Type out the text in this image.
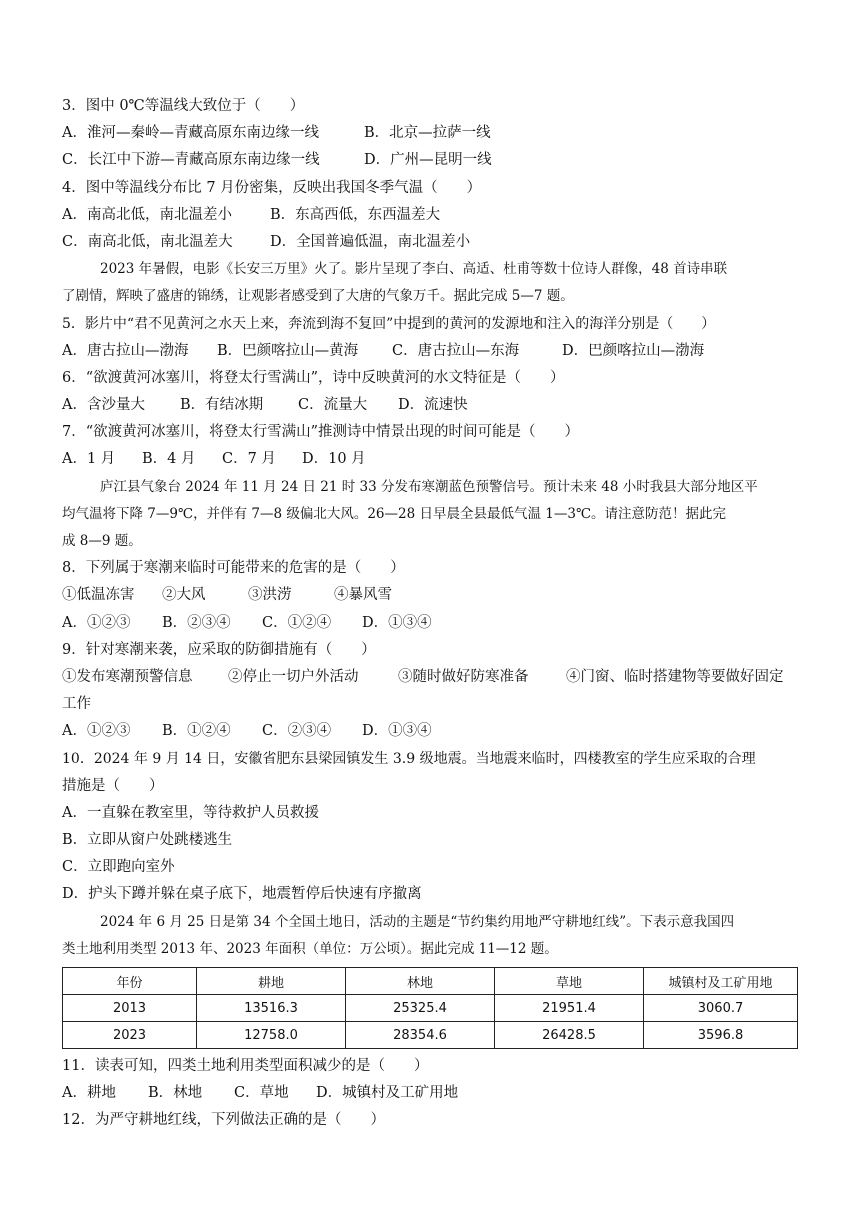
3．图中 0℃等温线大致位于（　　）
A．淮河—秦岭—青藏高原东南边缘一线	B．北京—拉萨一线
C．长江中下游—青藏高原东南边缘一线	D．广州—昆明一线
4．图中等温线分布比 7 月份密集，反映出我国冬季气温（　　）
A．南高北低，南北温差小	B．东高西低，东西温差大
C．南高北低，南北温差大	D．全国普遍低温，南北温差小
2023 年暑假，电影《长安三万里》火了。影片呈现了李白、高适、杜甫等数十位诗人群像，48 首诗串联
了剧情，辉映了盛唐的锦绣，让观影者感受到了大唐的气象万千。据此完成 5—7 题。
5．影片中“君不见黄河之水天上来，奔流到海不复回”中提到的黄河的发源地和注入的海洋分别是（　　）
A．唐古拉山—渤海 B．巴颜喀拉山—黄海 C．唐古拉山—东海	D．巴颜喀拉山—渤海
6．“欲渡黄河冰塞川，将登太行雪满山”，诗中反映黄河的水文特征是（　　）
A．含沙量大 B．有结冰期 C．流量大 D．流速快
7．“欲渡黄河冰塞川，将登太行雪满山”推测诗中情景出现的时间可能是（　　）
A．1 月 B．4 月 C．7 月 D．10 月
庐江县气象台 2024 年 11 月 24 日 21 时 33 分发布寒潮蓝色预警信号。预计未来 48 小时我县大部分地区平
均气温将下降 7—9℃，并伴有 7—8 级偏北大风。26—28 日早晨全县最低气温 1—3℃。请注意防范！据此完
成 8—9 题。
8．下列属于寒潮来临时可能带来的危害的是（　　）
①低温冻害 ②大风	③洪涝	④暴风雪
A．①②③ B．②③④ C．①②④ D．①③④
9．针对寒潮来袭，应采取的防御措施有（　　）
①发布寒潮预警信息 ②停止一切户外活动	③随时做好防寒准备	④门窗、临时搭建物等要做好固定
工作
A．①②③ B．①②④ C．②③④ D．①③④
10．2024 年 9 月 14 日，安徽省肥东县梁园镇发生 3.9 级地震。当地震来临时，四楼教室的学生应采取的合理
措施是（　　）
A．一直躲在教室里，等待救护人员救援
B．立即从窗户处跳楼逃生
C．立即跑向室外
D．护头下蹲并躲在桌子底下，地震暂停后快速有序撤离
2024 年 6 月 25 日是第 34 个全国土地日，活动的主题是“节约集约用地严守耕地红线”。下表示意我国四
类土地利用类型 2013 年、2023 年面积（单位：万公顷）。据此完成 11—12 题。
年份	耕地	林地	草地	城镇村及工矿用地
2013	13516.3	25325.4	21951.4	3060.7
2023	12758.0	28354.6	26428.5	3596.8
11．读表可知，四类土地利用类型面积减少的是（　　）
A．耕地 B．林地 C．草地 D．城镇村及工矿用地
12．为严守耕地红线，下列做法正确的是（　　）
